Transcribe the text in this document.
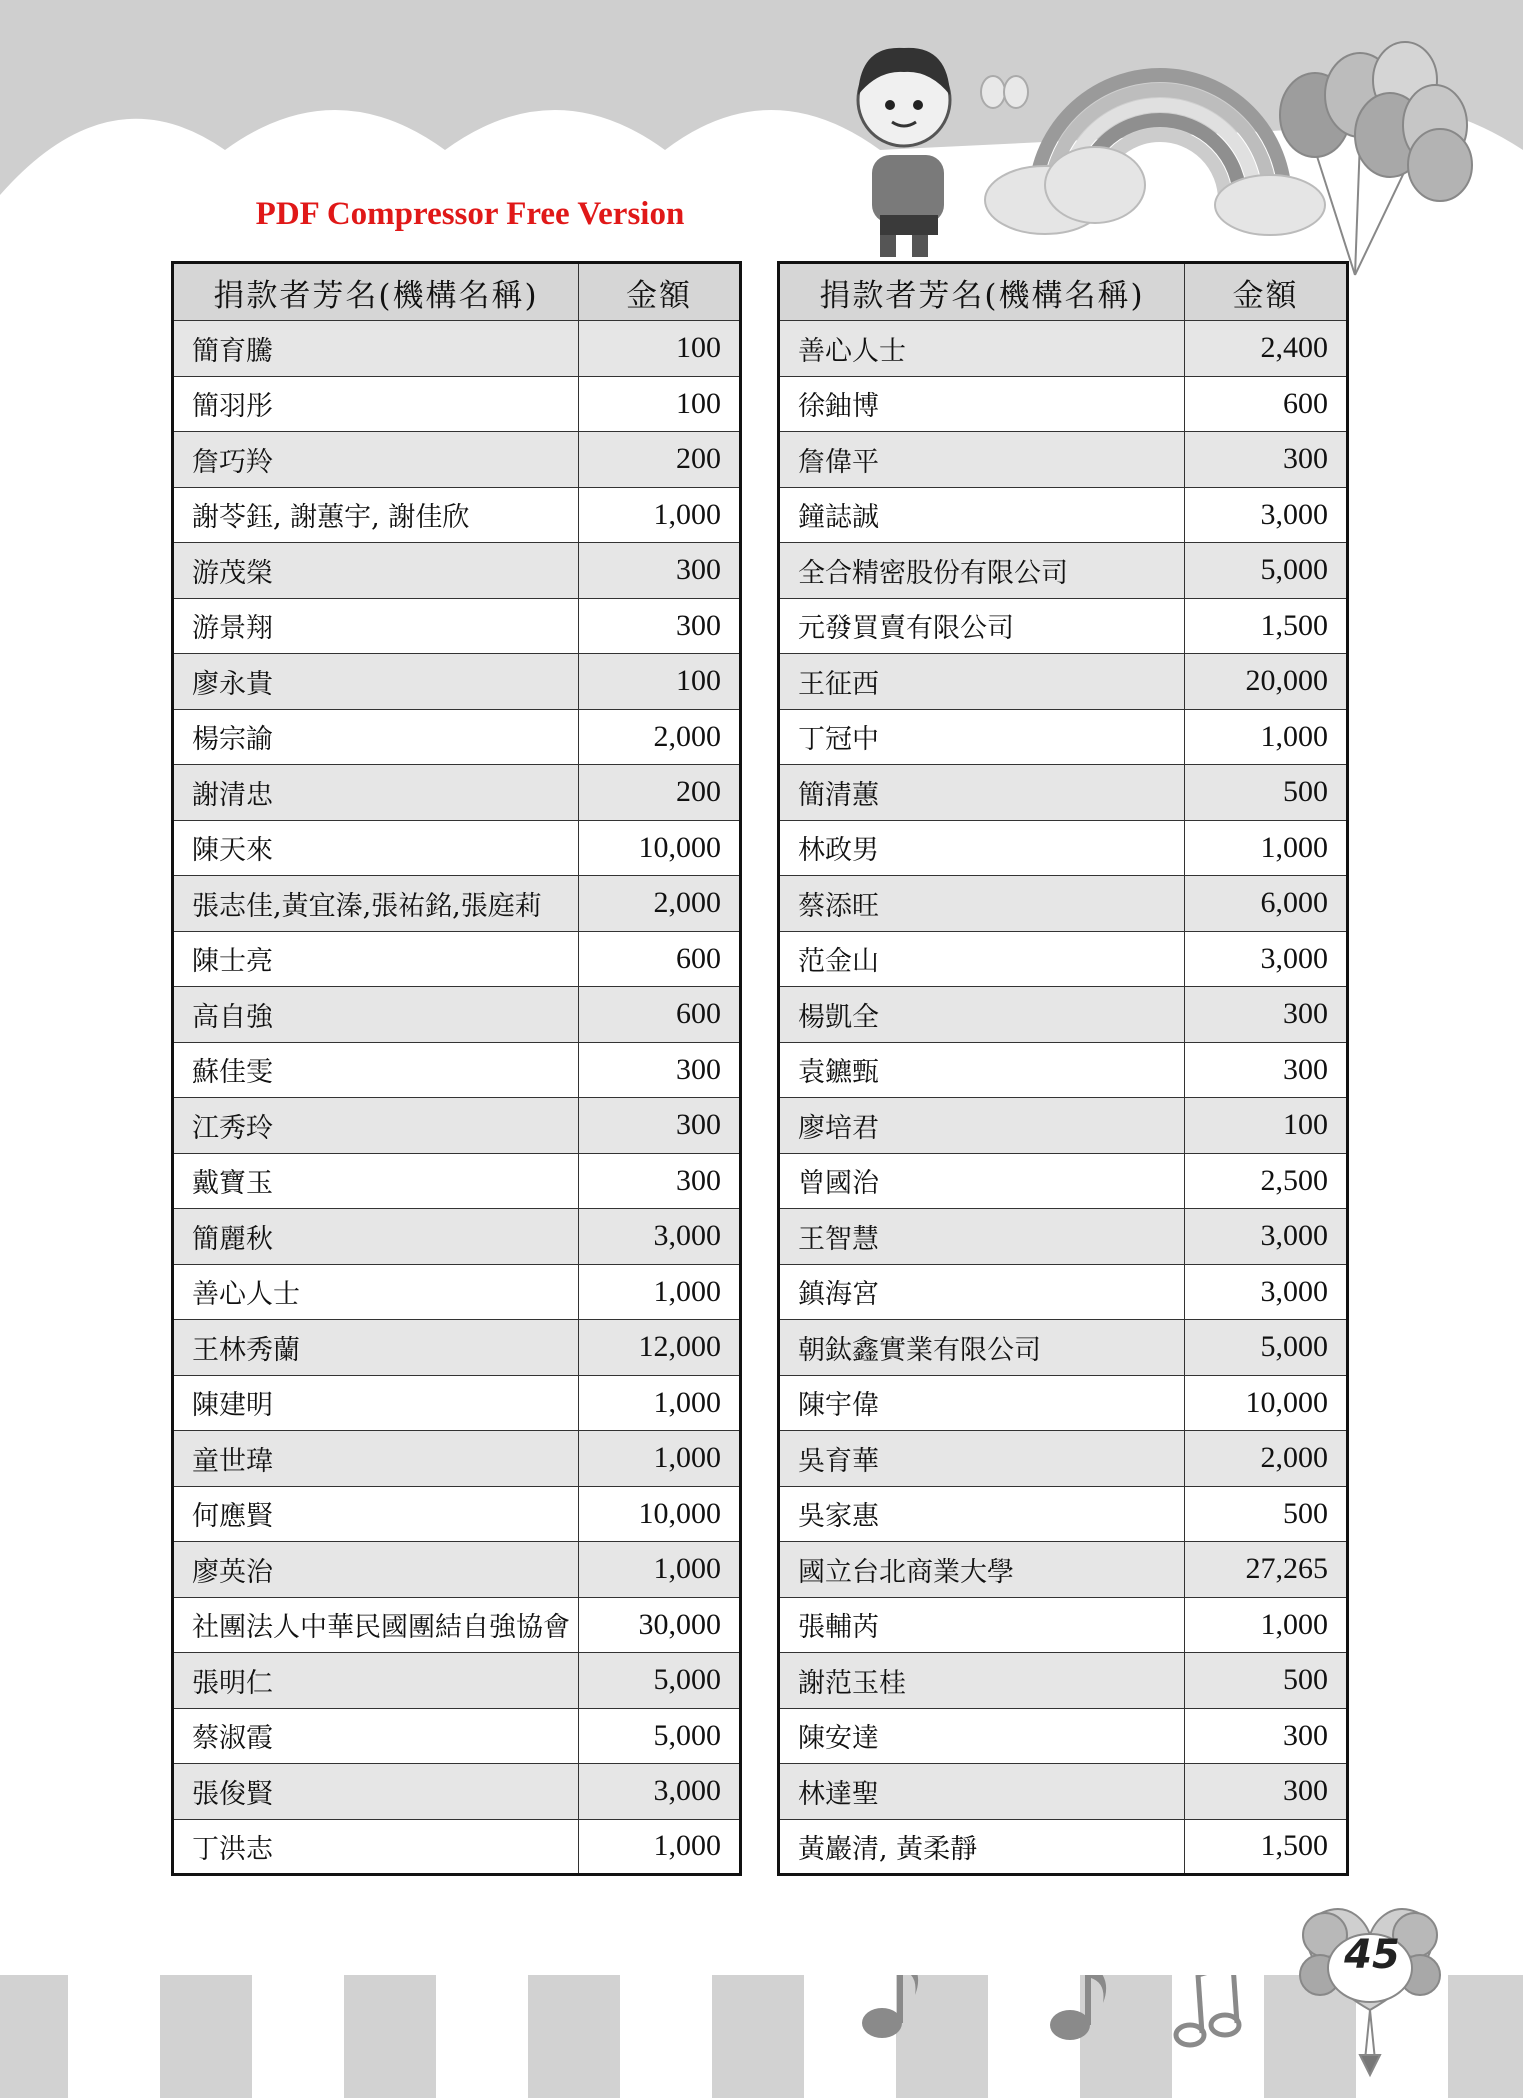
PDF Compressor Free Version
捐款者芳名(機構名稱)	金額
簡育騰	100
簡羽彤	100
詹巧羚	200
謝苓鈺, 謝蕙宇, 謝佳欣	1,000
游茂榮	300
游景翔	300
廖永貴	100
楊宗諭	2,000
謝清忠	200
陳天來	10,000
張志佳,黃宜溱,張祐銘,張庭莉	2,000
陳士亮	600
高自強	600
蘇佳雯	300
江秀玲	300
戴寶玉	300
簡麗秋	3,000
善心人士	1,000
王林秀蘭	12,000
陳建明	1,000
童世瑋	1,000
何應賢	10,000
廖英治	1,000
社團法人中華民國團結自強協會	30,000
張明仁	5,000
蔡淑霞	5,000
張俊賢	3,000
丁洪志	1,000
捐款者芳名(機構名稱)	金額
善心人士	2,400
徐鈾博	600
詹偉平	300
鐘誌誠	3,000
全合精密股份有限公司	5,000
元發買賣有限公司	1,500
王征西	20,000
丁冠中	1,000
簡清蕙	500
林政男	1,000
蔡添旺	6,000
范金山	3,000
楊凱全	300
袁鑣甄	300
廖培君	100
曾國治	2,500
王智慧	3,000
鎮海宮	3,000
朝鈦鑫實業有限公司	5,000
陳宇偉	10,000
吳育華	2,000
吳家惠	500
國立台北商業大學	27,265
張輔芮	1,000
謝范玉桂	500
陳安達	300
林達聖	300
黃巖清, 黃柔靜	1,500
45
